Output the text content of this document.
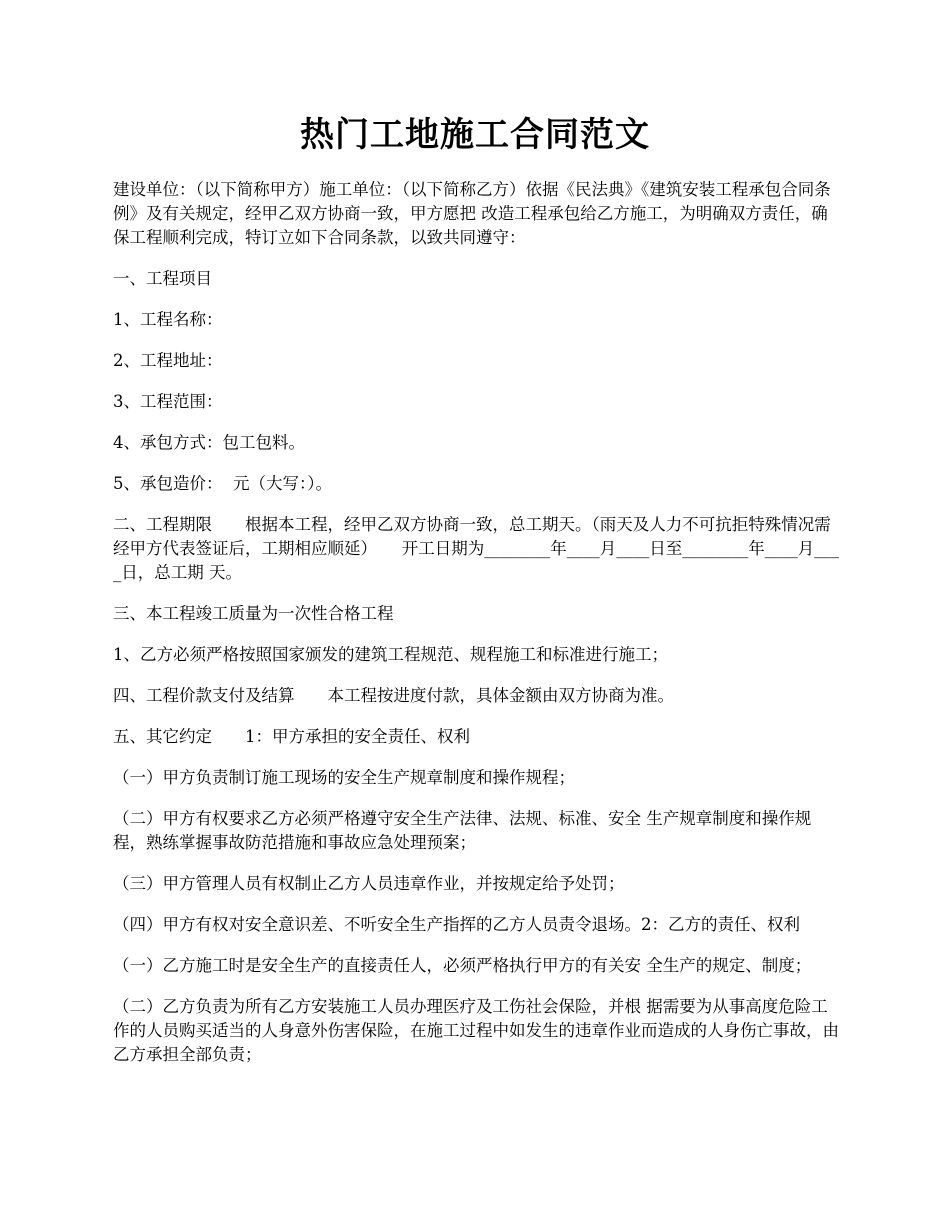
热门工地施工合同范文

建设单位：（以下简称甲方）施工单位：（以下简称乙方）依据《民法典》《建筑安装工程承包合同条例》及有关规定，经甲乙双方协商一致，甲方愿把 改造工程承包给乙方施工，为明确双方责任，确保工程顺利完成，特订立如下合同条款，以致共同遵守：

一、工程项目

1、工程名称：

2、工程地址：

3、工程范围：

4、承包方式：包工包料。

5、承包造价：  元（大写：）。

二、工程期限　　根据本工程，经甲乙双方协商一致，总工期天。（雨天及人力不可抗拒特殊情况需经甲方代表签证后，工期相应顺延）　　开工日期为________年____月____日至________年____月____日，总工期 天。

三、本工程竣工质量为一次性合格工程

1、乙方必须严格按照国家颁发的建筑工程规范、规程施工和标准进行施工；

四、工程价款支付及结算　　本工程按进度付款，具体金额由双方协商为准。

五、其它约定　　1：甲方承担的安全责任、权利

（一）甲方负责制订施工现场的安全生产规章制度和操作规程；

（二）甲方有权要求乙方必须严格遵守安全生产法律、法规、标准、安全 生产规章制度和操作规程，熟练掌握事故防范措施和事故应急处理预案；

（三）甲方管理人员有权制止乙方人员违章作业，并按规定给予处罚；

（四）甲方有权对安全意识差、不听安全生产指挥的乙方人员责令退场。2：乙方的责任、权利

（一）乙方施工时是安全生产的直接责任人，必须严格执行甲方的有关安 全生产的规定、制度；

（二）乙方负责为所有乙方安装施工人员办理医疗及工伤社会保险，并根 据需要为从事高度危险工作的人员购买适当的人身意外伤害保险，在施工过程中如发生的违章作业而造成的人身伤亡事故，由乙方承担全部负责；
